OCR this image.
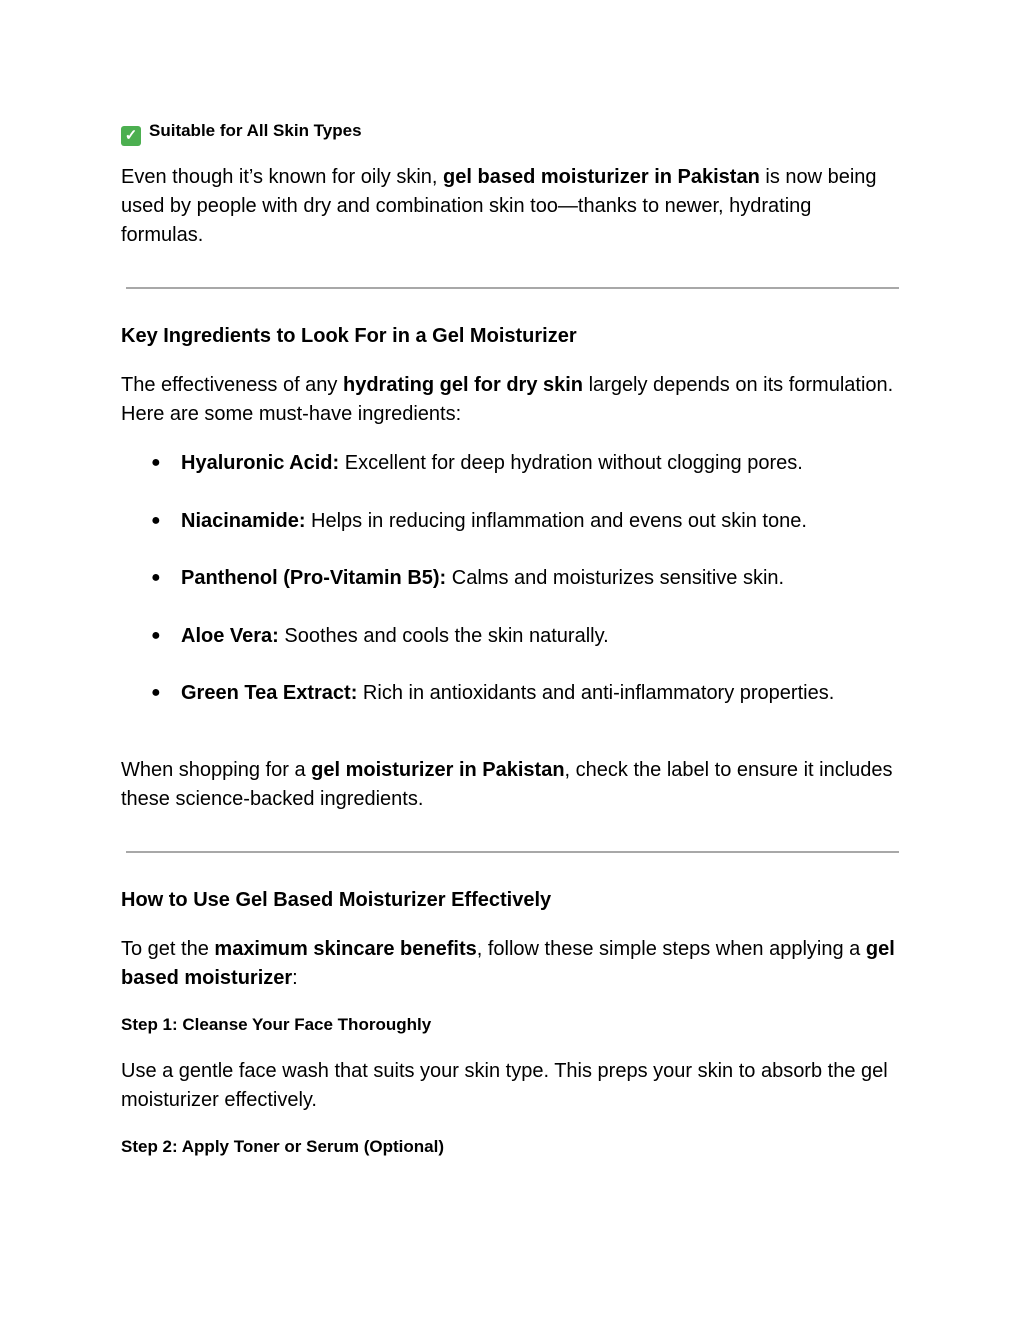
✓ Suitable for All Skin Types

Even though it’s known for oily skin, gel based moisturizer in Pakistan is now being used by people with dry and combination skin too—thanks to newer, hydrating formulas.

Key Ingredients to Look For in a Gel Moisturizer

The effectiveness of any hydrating gel for dry skin largely depends on its formulation. Here are some must-have ingredients:

● Hyaluronic Acid: Excellent for deep hydration without clogging pores.
● Niacinamide: Helps in reducing inflammation and evens out skin tone.
● Panthenol (Pro-Vitamin B5): Calms and moisturizes sensitive skin.
● Aloe Vera: Soothes and cools the skin naturally.
● Green Tea Extract: Rich in antioxidants and anti-inflammatory properties.

When shopping for a gel moisturizer in Pakistan, check the label to ensure it includes these science-backed ingredients.

How to Use Gel Based Moisturizer Effectively

To get the maximum skincare benefits, follow these simple steps when applying a gel based moisturizer:

Step 1: Cleanse Your Face Thoroughly

Use a gentle face wash that suits your skin type. This preps your skin to absorb the gel moisturizer effectively.

Step 2: Apply Toner or Serum (Optional)
